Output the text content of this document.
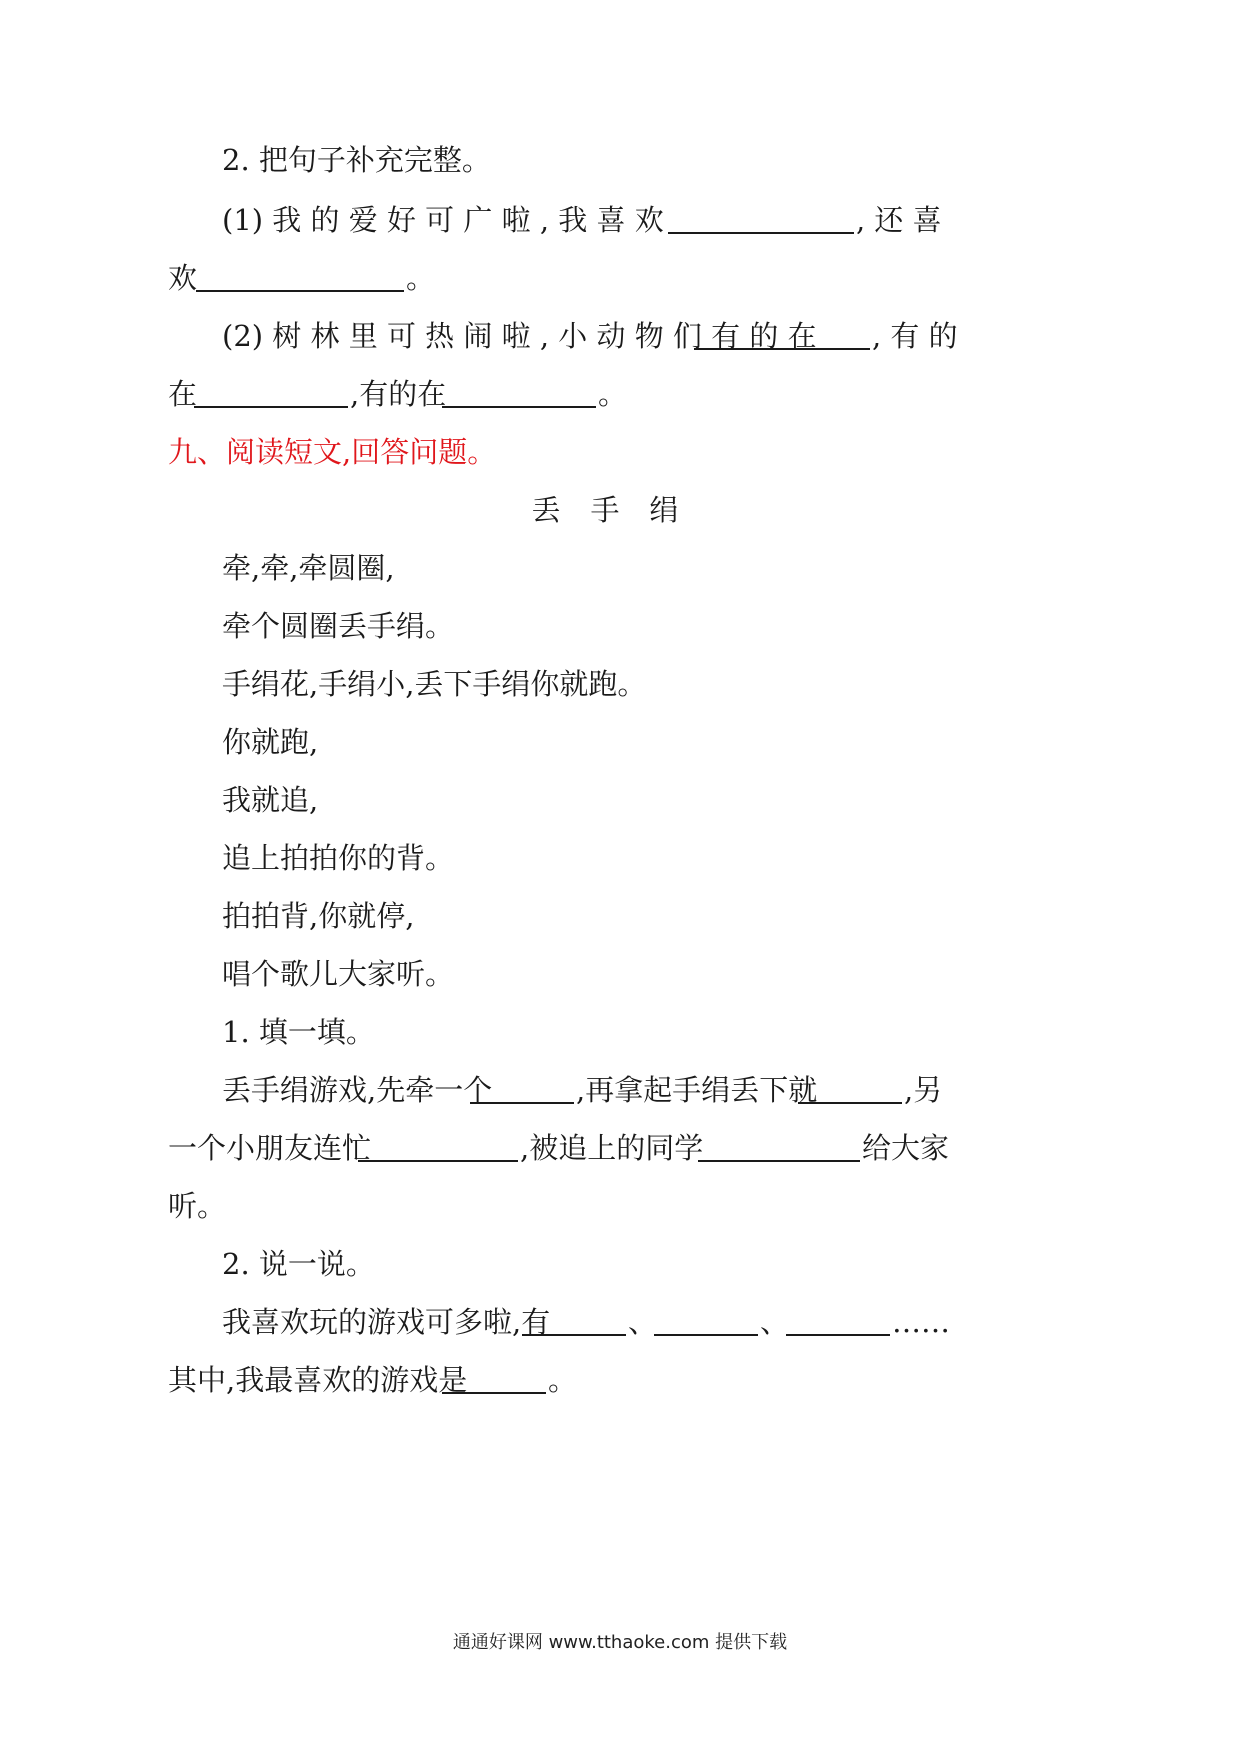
2. 把句子补充完整。
(1) 我 的 爱 好 可 广 啦 , 我 喜 欢	, 还 喜
欢	。
(2) 树 林 里 可 热 闹 啦 , 小 动 物 们 有 的 在 , 有 的
在	,有的在	。
九、阅读短文,回答问题。
丢手绢
牵,牵,牵圆圈,
牵个圆圈丢手绢。
手绢花,手绢小,丢下手绢你就跑。
你就跑,
我就追,
追上拍拍你的背。
拍拍背,你就停,
唱个歌儿大家听。
1. 填一填。
丢手绢游戏,先牵一个	,再拿起手绢丢下就	,另
一个小朋友连忙	,被追上的同学	给大家
听。
2. 说一说。
我喜欢玩的游戏可多啦,有	、	、	……
其中,我最喜欢的游戏是	。
通通好课网 www.tthaoke.com 提供下载
